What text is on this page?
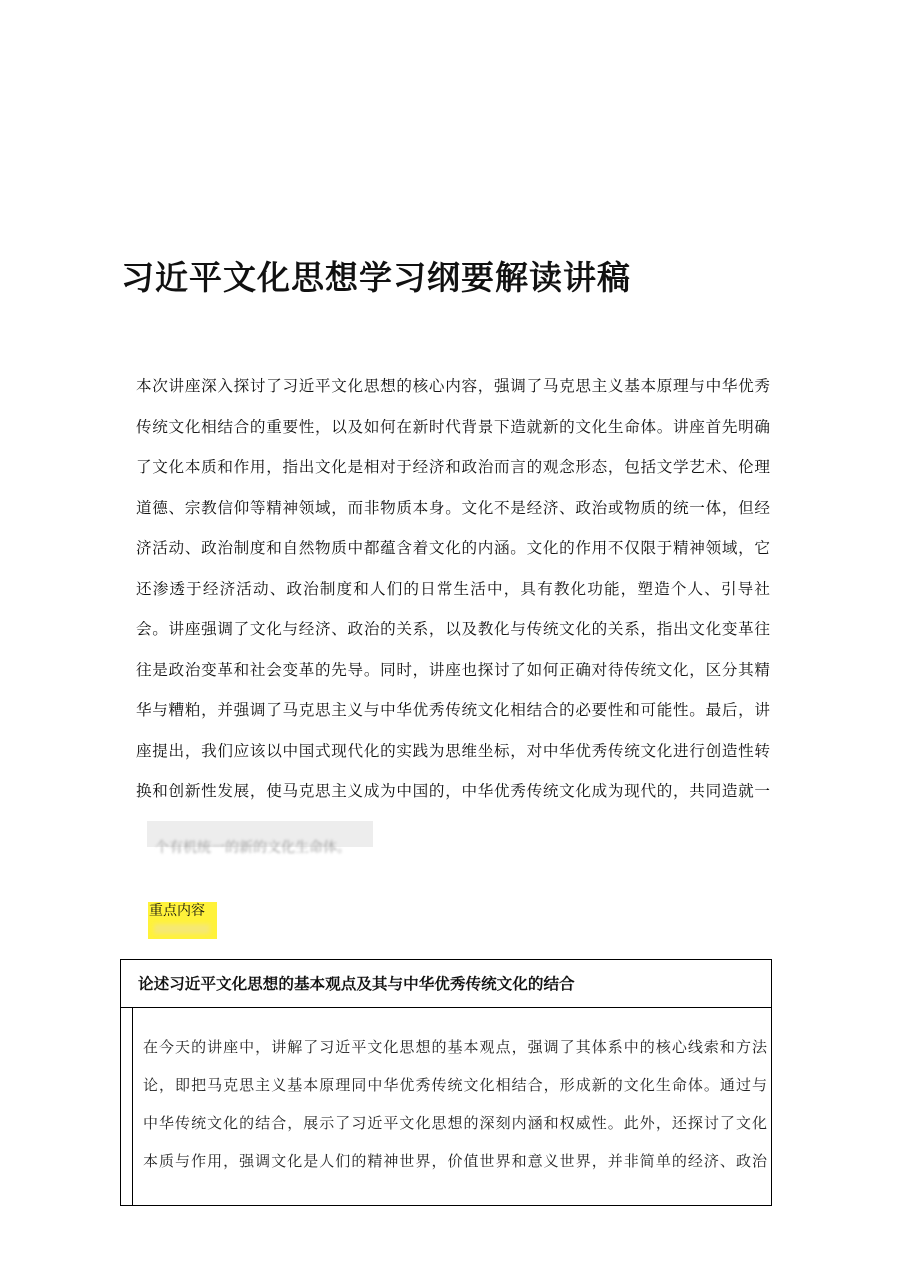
习近平文化思想学习纲要解读讲稿

本次讲座深入探讨了习近平文化思想的核心内容，强调了马克思主义基本原理与中华优秀
传统文化相结合的重要性，以及如何在新时代背景下造就新的文化生命体。讲座首先明确
了文化本质和作用，指出文化是相对于经济和政治而言的观念形态，包括文学艺术、伦理
道德、宗教信仰等精神领域，而非物质本身。文化不是经济、政治或物质的统一体，但经
济活动、政治制度和自然物质中都蕴含着文化的内涵。文化的作用不仅限于精神领域，它
还渗透于经济活动、政治制度和人们的日常生活中，具有教化功能，塑造个人、引导社
会。讲座强调了文化与经济、政治的关系，以及教化与传统文化的关系，指出文化变革往
往是政治变革和社会变革的先导。同时，讲座也探讨了如何正确对待传统文化，区分其精
华与糟粕，并强调了马克思主义与中华优秀传统文化相结合的必要性和可能性。最后，讲
座提出，我们应该以中国式现代化的实践为思维坐标，对中华优秀传统文化进行创造性转
换和创新性发展，使马克思主义成为中国的，中华优秀传统文化成为现代的，共同造就一

个有机统一的新的文化生命体。
重点内容
论述习近平文化思想的基本观点及其与中华优秀传统文化的结合

在今天的讲座中，讲解了习近平文化思想的基本观点，强调了其体系中的核心线索和方法
论，即把马克思主义基本原理同中华优秀传统文化相结合，形成新的文化生命体。通过与
中华传统文化的结合，展示了习近平文化思想的深刻内涵和权威性。此外，还探讨了文化
本质与作用，强调文化是人们的精神世界，价值世界和意义世界，并非简单的经济、政治
